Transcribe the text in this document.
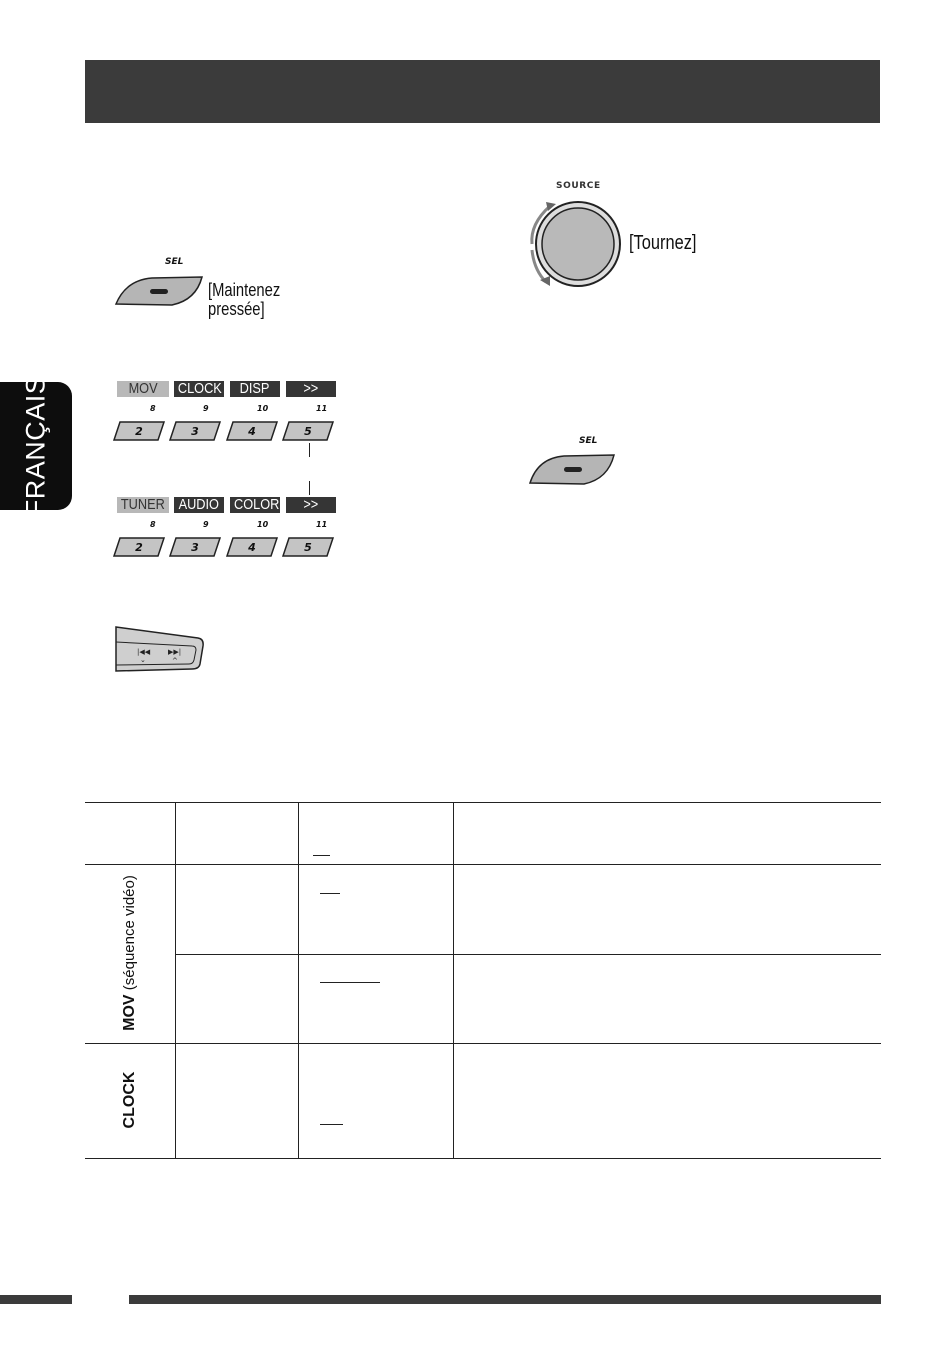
FRANÇAIS
SEL
[Maintenez
pressée]
SOURCE
[Tournez]
MOV	CLOCK	DISP	>>
8	9	10	11
2	3	4	5
TUNER AUDIO COLOR	>>
8	9	10	11
2	3	4	5
|◀◀	▶▶|
⌄	^
SEL
MOV (séquence vidéo)
CLOCK
